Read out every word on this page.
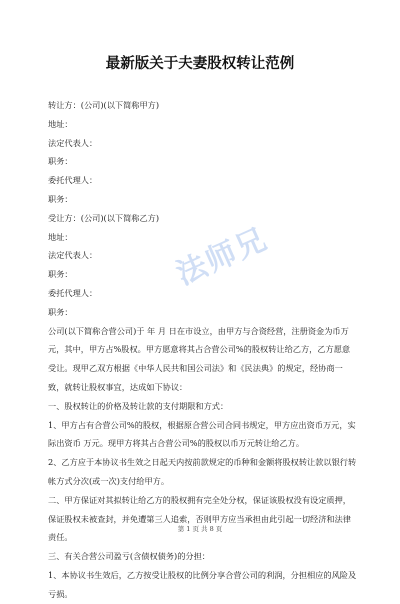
最新版关于夫妻股权转让范例
转让方：(公司)(以下简称甲方)
地址：
法定代表人：
职务：
委托代理人：
职务：
受让方：(公司)(以下简称乙方)
地址：
法定代表人：
职务：
委托代理人：
职务：
公司(以下简称合营公司)于 年 月 日在市设立，由甲方与合资经营，注册资金为币万元，其中，甲方占%股权。甲方愿意将其占合营公司%的股权转让给乙方，乙方愿意受让。现甲乙双方根据《中华人民共和国公司法》和《民法典》的规定，经协商一致，就转让股权事宜，达成如下协议：
一、股权转让的价格及转让款的支付期限和方式：
1、甲方占有合营公司%的股权，根据原合营公司合同书规定，甲方应出资币万元，实际出资币 万元。现甲方将其占合营公司%的股权以币万元转让给乙方。
2、乙方应于本协议书生效之日起天内按前款规定的币种和金额将股权转让款以银行转帐方式分次(或一次)支付给甲方。
二、甲方保证对其拟转让给乙方的股权拥有完全处分权，保证该股权没有设定质押，保证股权未被查封，并免遭第三人追索，否则甲方应当承担由此引起一切经济和法律责任。
三、有关合营公司盈亏(含债权债务)的分担：
1、本协议书生效后，乙方按受让股权的比例分享合营公司的利润，分担相应的风险及亏损。
法师兄
第 1 页 共 8 页
